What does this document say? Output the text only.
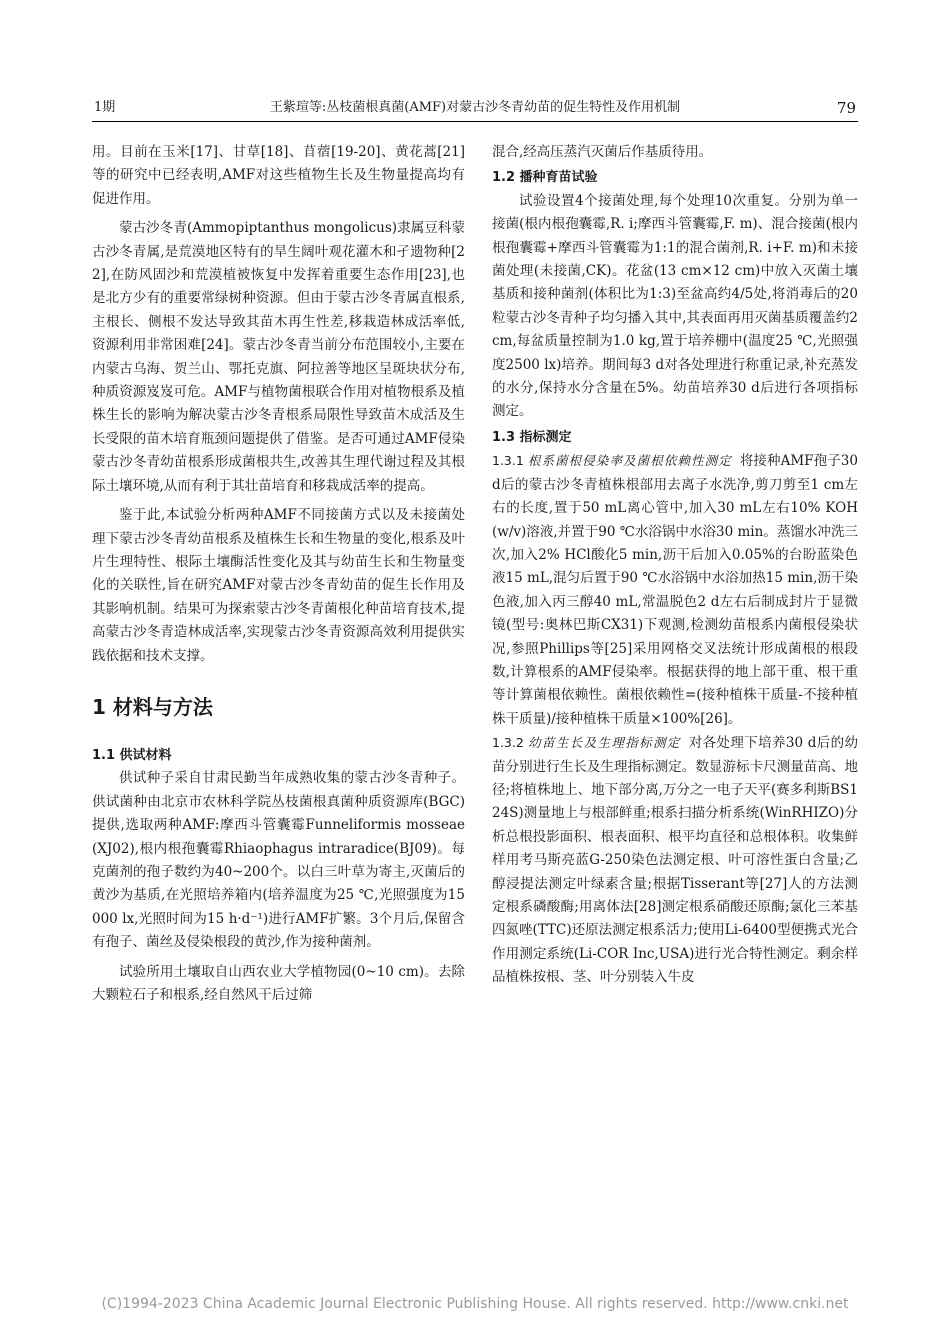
1期	王紫瑄等:丛枝菌根真菌(AMF)对蒙古沙冬青幼苗的促生特性及作用机制	79

用。目前在玉米[17]、甘草[18]、苜蓿[19-20]、黄花蒿[21]等的研究中已经表明,AMF对这些植物生长及生物量提高均有促进作用。

蒙古沙冬青(Ammopiptanthus mongolicus)隶属豆科蒙古沙冬青属,是荒漠地区特有的旱生阔叶观花灌木和孑遗物种[22],在防风固沙和荒漠植被恢复中发挥着重要生态作用[23],也是北方少有的重要常绿树种资源。但由于蒙古沙冬青属直根系,主根长、侧根不发达导致其苗木再生性差,移栽造林成活率低,资源利用非常困难[24]。蒙古沙冬青当前分布范围较小,主要在内蒙古乌海、贺兰山、鄂托克旗、阿拉善等地区呈斑块状分布,种质资源岌岌可危。AMF与植物菌根联合作用对植物根系及植株生长的影响为解决蒙古沙冬青根系局限性导致苗木成活及生长受限的苗木培育瓶颈问题提供了借鉴。是否可通过AMF侵染蒙古沙冬青幼苗根系形成菌根共生,改善其生理代谢过程及其根际土壤环境,从而有利于其壮苗培育和移栽成活率的提高。

鉴于此,本试验分析两种AMF不同接菌方式以及未接菌处理下蒙古沙冬青幼苗根系及植株生长和生物量的变化,根系及叶片生理特性、根际土壤酶活性变化及其与幼苗生长和生物量变化的关联性,旨在研究AMF对蒙古沙冬青幼苗的促生长作用及其影响机制。结果可为探索蒙古沙冬青菌根化种苗培育技术,提高蒙古沙冬青造林成活率,实现蒙古沙冬青资源高效利用提供实践依据和技术支撑。

1 材料与方法
1.1 供试材料

供试种子采自甘肃民勤当年成熟收集的蒙古沙冬青种子。供试菌种由北京市农林科学院丛枝菌根真菌种质资源库(BGC)提供,选取两种AMF:摩西斗管囊霉Funneliformis mosseae(XJ02),根内根孢囊霉Rhiaophagus intraradice(BJ09)。每克菌剂的孢子数约为40~200个。以白三叶草为寄主,灭菌后的黄沙为基质,在光照培养箱内(培养温度为25 ℃,光照强度为15000 lx,光照时间为15 h·d⁻¹)进行AMF扩繁。3个月后,保留含有孢子、菌丝及侵染根段的黄沙,作为接种菌剂。

试验所用土壤取自山西农业大学植物园(0~10 cm)。去除大颗粒石子和根系,经自然风干后过筛

混合,经高压蒸汽灭菌后作基质待用。

1.2 播种育苗试验

试验设置4个接菌处理,每个处理10次重复。分别为单一接菌(根内根孢囊霉,R. i;摩西斗管囊霉,F. m)、混合接菌(根内根孢囊霉+摩西斗管囊霉为1:1的混合菌剂,R. i+F. m)和未接菌处理(未接菌,CK)。花盆(13 cm×12 cm)中放入灭菌土壤基质和接种菌剂(体积比为1:3)至盆高约4/5处,将消毒后的20粒蒙古沙冬青种子均匀播入其中,其表面再用灭菌基质覆盖约2 cm,每盆质量控制为1.0 kg,置于培养棚中(温度25 ℃,光照强度2500 lx)培养。期间每3 d对各处理进行称重记录,补充蒸发的水分,保持水分含量在5%。幼苗培养30 d后进行各项指标测定。

1.3 指标测定

1.3.1 根系菌根侵染率及菌根依赖性测定 将接种AMF孢子30 d后的蒙古沙冬青植株根部用去离子水洗净,剪刀剪至1 cm左右的长度,置于50 mL离心管中,加入30 mL左右10% KOH(w/v)溶液,并置于90 ℃水浴锅中水浴30 min。蒸馏水冲洗三次,加入2% HCl酸化5 min,沥干后加入0.05%的台盼蓝染色液15 mL,混匀后置于90 ℃水浴锅中水浴加热15 min,沥干染色液,加入丙三醇40 mL,常温脱色2 d左右后制成封片于显微镜(型号:奥林巴斯CX31)下观测,检测幼苗根系内菌根侵染状况,参照Phillips等[25]采用网格交叉法统计形成菌根的根段数,计算根系的AMF侵染率。根据获得的地上部干重、根干重等计算菌根依赖性。菌根依赖性=(接种植株干质量-不接种植株干质量)/接种植株干质量×100%[26]。

1.3.2 幼苗生长及生理指标测定 对各处理下培养30 d后的幼苗分别进行生长及生理指标测定。数显游标卡尺测量苗高、地径;将植株地上、地下部分离,万分之一电子天平(赛多利斯BS124S)测量地上与根部鲜重;根系扫描分析系统(WinRHIZO)分析总根投影面积、根表面积、根平均直径和总根体积。收集鲜样用考马斯亮蓝G-250染色法测定根、叶可溶性蛋白含量;乙醇浸提法测定叶绿素含量;根据Tisserant等[27]人的方法测定根系磷酸酶;用离体法[28]测定根系硝酸还原酶;氯化三苯基四氮唑(TTC)还原法测定根系活力;使用Li-6400型便携式光合作用测定系统(Li-COR Inc,USA)进行光合特性测定。剩余样品植株按根、茎、叶分别装入牛皮

(C)1994-2023 China Academic Journal Electronic Publishing House. All rights reserved. http://www.cnki.net
